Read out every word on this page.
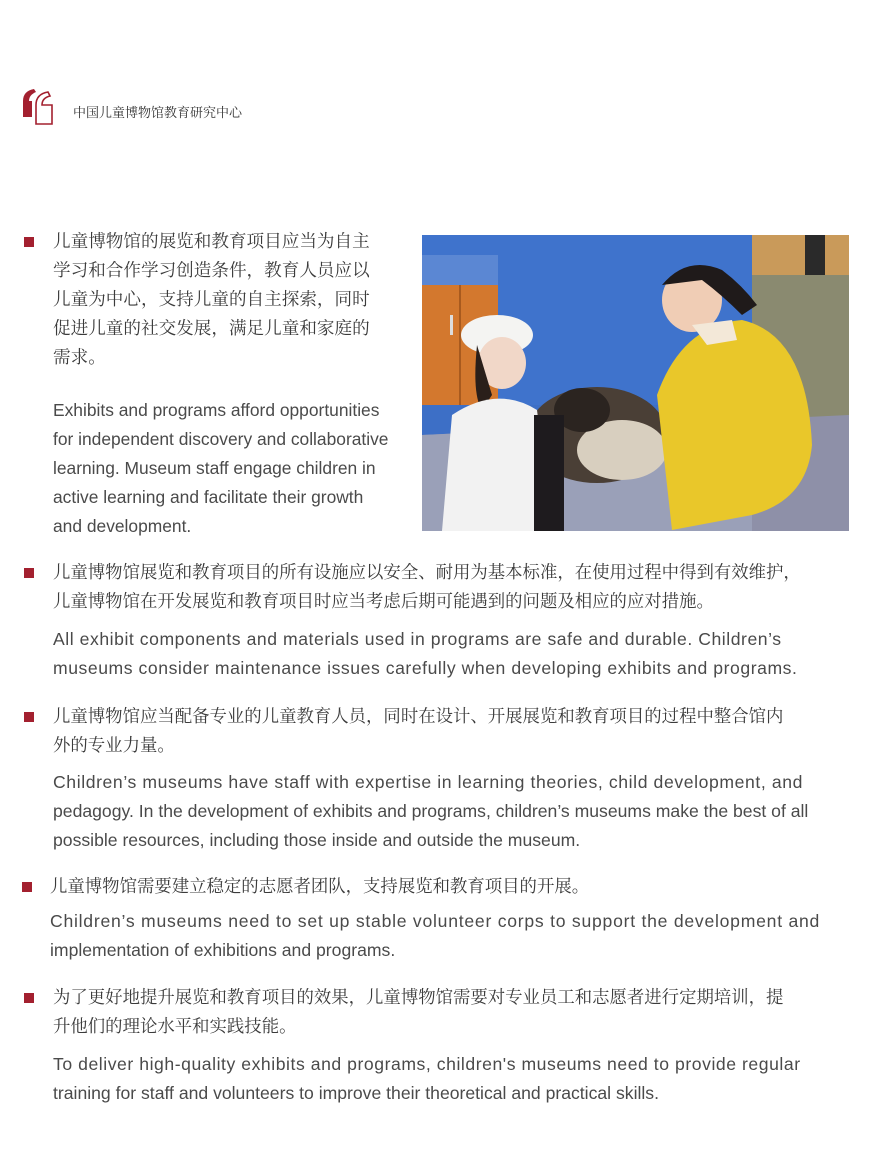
中国儿童博物馆教育研究中心
儿童博物馆的展览和教育项目应当为自主
学习和合作学习创造条件，教育人员应以
儿童为中心，支持儿童的自主探索，同时
促进儿童的社交发展，满足儿童和家庭的
需求。
Exhibits and programs afford opportunities
for independent discovery and collaborative
learning. Museum staff engage children in
active learning and facilitate their growth
and development.
儿童博物馆展览和教育项目的所有设施应以安全、耐用为基本标准，在使用过程中得到有效维护，
儿童博物馆在开发展览和教育项目时应当考虑后期可能遇到的问题及相应的应对措施。
All exhibit components and materials used in programs are safe and durable. Children’s
museums consider maintenance issues carefully when developing exhibits and programs.
儿童博物馆应当配备专业的儿童教育人员，同时在设计、开展展览和教育项目的过程中整合馆内
外的专业力量。
Children’s museums have staff with expertise in learning theories, child development, and
pedagogy. In the development of exhibits and programs, children’s museums make the best of all
possible resources, including those inside and outside the museum.
儿童博物馆需要建立稳定的志愿者团队，支持展览和教育项目的开展。
Children’s museums need to set up stable volunteer corps to support the development and
implementation of exhibitions and programs.
为了更好地提升展览和教育项目的效果，儿童博物馆需要对专业员工和志愿者进行定期培训，提
升他们的理论水平和实践技能。
To deliver high-quality exhibits and programs, children's museums need to provide regular
training for staff and volunteers to improve their theoretical and practical skills.
